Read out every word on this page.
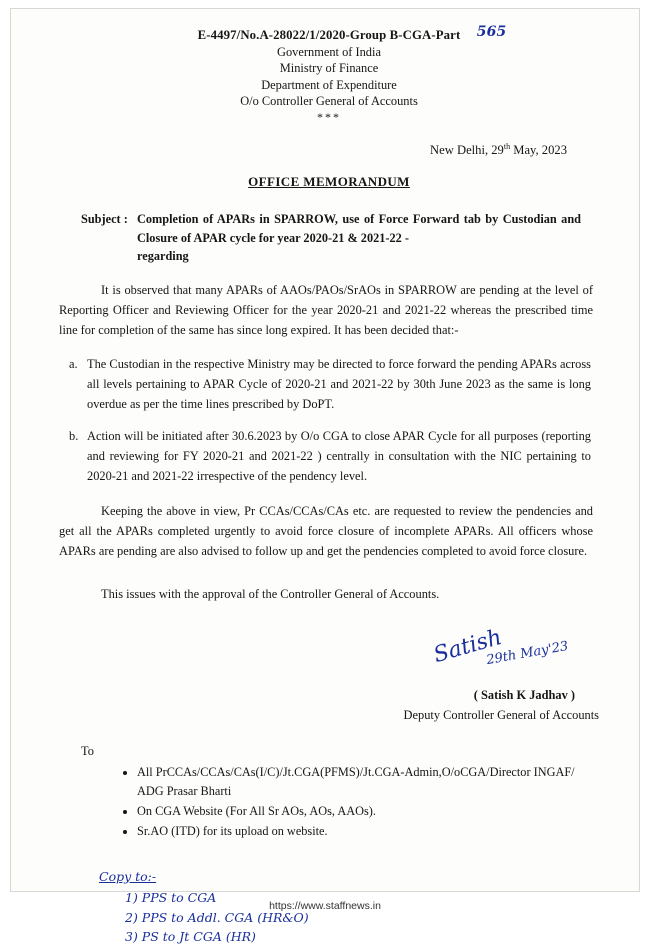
E-4497/No.A-28022/1/2020-Group B-CGA-Part 565
Government of India
Ministry of Finance
Department of Expenditure
O/o Controller General of Accounts
***
New Delhi, 29th May, 2023
OFFICE MEMORANDUM
Subject : Completion of APARs in SPARROW, use of Force Forward tab by Custodian and Closure of APAR cycle for year 2020-21 & 2021-22 -
regarding

It is observed that many APARs of AAOs/PAOs/SrAOs in SPARROW are pending at the level of Reporting Officer and Reviewing Officer for the year 2020-21 and 2021-22 whereas the prescribed time line for completion of the same has since long expired. It has been decided that:-

a. The Custodian in the respective Ministry may be directed to force forward the pending APARs across all levels pertaining to APAR Cycle of 2020-21 and 2021-22 by 30th June 2023 as the same is long overdue as per the time lines prescribed by DoPT.
b. Action will be initiated after 30.6.2023 by O/o CGA to close APAR Cycle for all purposes (reporting and reviewing for FY 2020-21 and 2021-22 ) centrally in consultation with the NIC pertaining to 2020-21 and 2021-22 irrespective of the pendency level.

Keeping the above in view, Pr CCAs/CCAs/CAs etc. are requested to review the pendencies and get all the APARs completed urgently to avoid force closure of incomplete APARs. All officers whose APARs are pending are also advised to follow up and get the pendencies completed to avoid force closure.

This issues with the approval of the Controller General of Accounts.
Satish
29th May'23
( Satish K Jadhav )
Deputy Controller General of Accounts
To
• All PrCCAs/CCAs/CAs(I/C)/Jt.CGA(PFMS)/Jt.CGA-Admin,O/oCGA/Director INGAF/ ADG Prasar Bharti
• On CGA Website (For All Sr AOs, AOs, AAOs).
• Sr.AO (ITD) for its upload on website.
Copy to:-
1) PPS to CGA
2) PPS to Addl. CGA (HR&O)
3) PS to Jt CGA (HR)
https://www.staffnews.in
